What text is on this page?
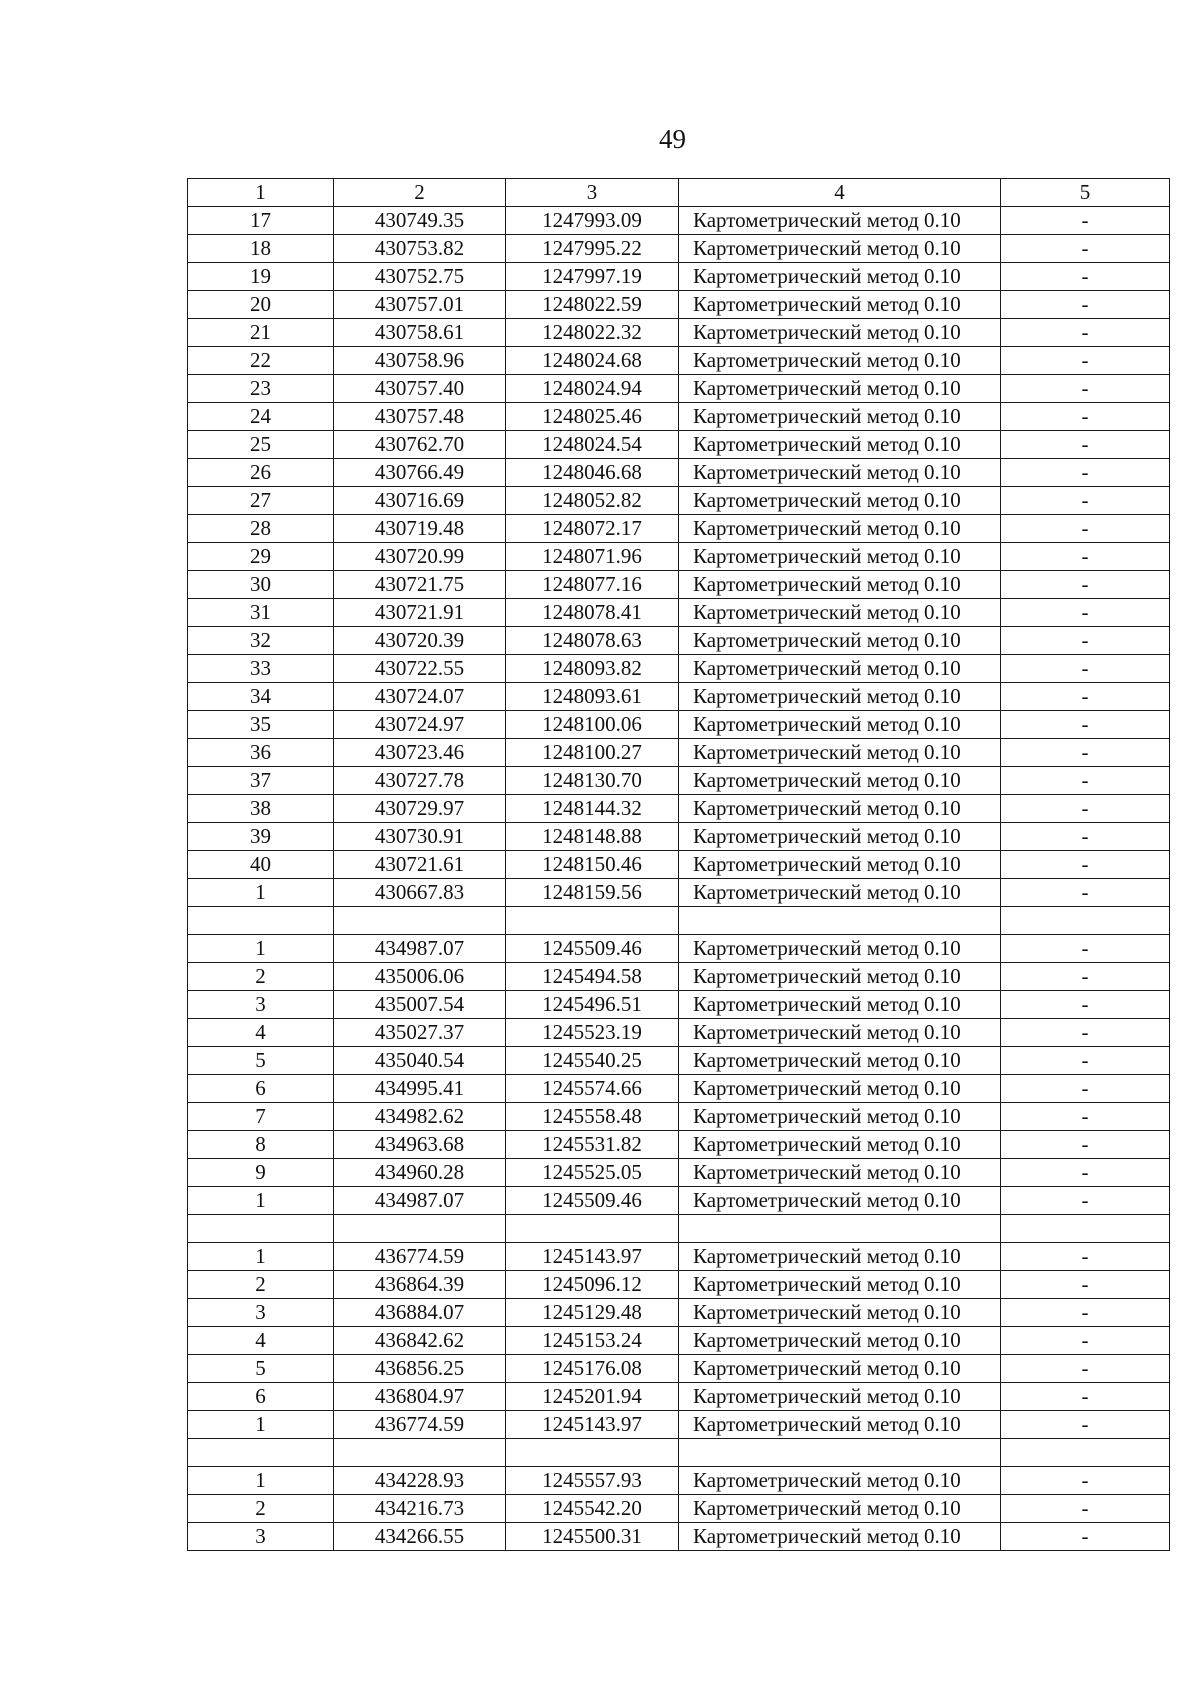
49
1	2	3	4	5
17	430749.35	1247993.09	Картометрический метод 0.10	-
18	430753.82	1247995.22	Картометрический метод 0.10	-
19	430752.75	1247997.19	Картометрический метод 0.10	-
20	430757.01	1248022.59	Картометрический метод 0.10	-
21	430758.61	1248022.32	Картометрический метод 0.10	-
22	430758.96	1248024.68	Картометрический метод 0.10	-
23	430757.40	1248024.94	Картометрический метод 0.10	-
24	430757.48	1248025.46	Картометрический метод 0.10	-
25	430762.70	1248024.54	Картометрический метод 0.10	-
26	430766.49	1248046.68	Картометрический метод 0.10	-
27	430716.69	1248052.82	Картометрический метод 0.10	-
28	430719.48	1248072.17	Картометрический метод 0.10	-
29	430720.99	1248071.96	Картометрический метод 0.10	-
30	430721.75	1248077.16	Картометрический метод 0.10	-
31	430721.91	1248078.41	Картометрический метод 0.10	-
32	430720.39	1248078.63	Картометрический метод 0.10	-
33	430722.55	1248093.82	Картометрический метод 0.10	-
34	430724.07	1248093.61	Картометрический метод 0.10	-
35	430724.97	1248100.06	Картометрический метод 0.10	-
36	430723.46	1248100.27	Картометрический метод 0.10	-
37	430727.78	1248130.70	Картометрический метод 0.10	-
38	430729.97	1248144.32	Картометрический метод 0.10	-
39	430730.91	1248148.88	Картометрический метод 0.10	-
40	430721.61	1248150.46	Картометрический метод 0.10	-
1	430667.83	1248159.56	Картометрический метод 0.10	-

1	434987.07	1245509.46	Картометрический метод 0.10	-
2	435006.06	1245494.58	Картометрический метод 0.10	-
3	435007.54	1245496.51	Картометрический метод 0.10	-
4	435027.37	1245523.19	Картометрический метод 0.10	-
5	435040.54	1245540.25	Картометрический метод 0.10	-
6	434995.41	1245574.66	Картометрический метод 0.10	-
7	434982.62	1245558.48	Картометрический метод 0.10	-
8	434963.68	1245531.82	Картометрический метод 0.10	-
9	434960.28	1245525.05	Картометрический метод 0.10	-
1	434987.07	1245509.46	Картометрический метод 0.10	-

1	436774.59	1245143.97	Картометрический метод 0.10	-
2	436864.39	1245096.12	Картометрический метод 0.10	-
3	436884.07	1245129.48	Картометрический метод 0.10	-
4	436842.62	1245153.24	Картометрический метод 0.10	-
5	436856.25	1245176.08	Картометрический метод 0.10	-
6	436804.97	1245201.94	Картометрический метод 0.10	-
1	436774.59	1245143.97	Картометрический метод 0.10	-

1	434228.93	1245557.93	Картометрический метод 0.10	-
2	434216.73	1245542.20	Картометрический метод 0.10	-
3	434266.55	1245500.31	Картометрический метод 0.10	-
